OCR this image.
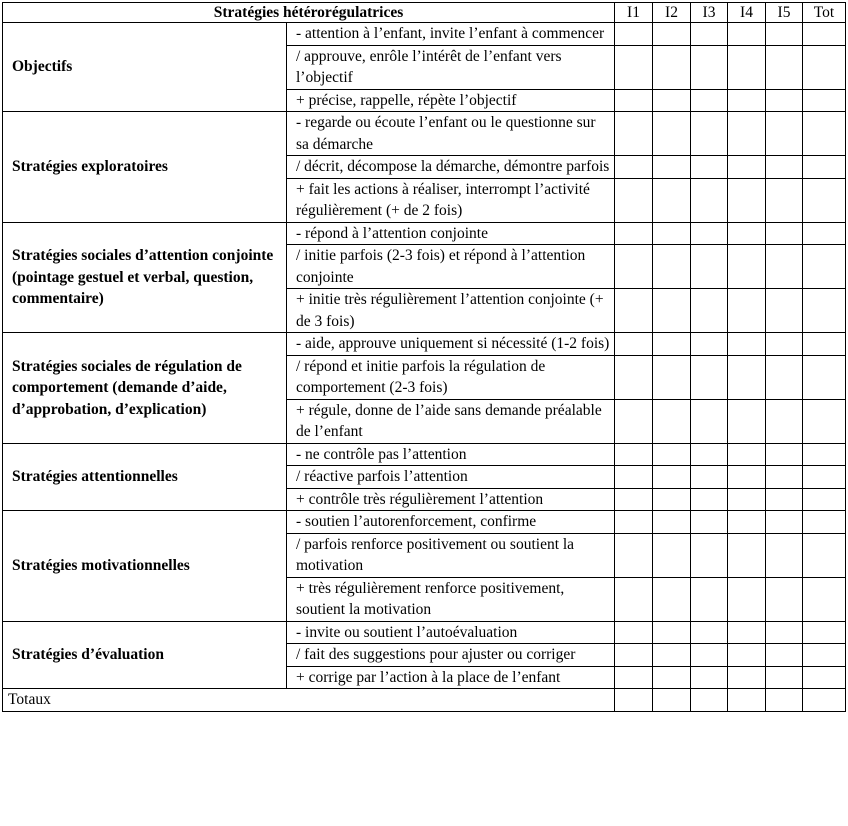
Stratégies hétérorégulatrices		I1	I2	I3	I4	I5	Tot
Objectifs	- attention à l’enfant, invite l’enfant à commencer						
	/ approuve, enrôle l’intérêt de l’enfant vers l’objectif						
	+ précise, rappelle, répète l’objectif						
Stratégies exploratoires	- regarde ou écoute l’enfant ou le questionne sur sa démarche						
	/ décrit, décompose la démarche, démontre parfois						
	+ fait les actions à réaliser, interrompt l’activité régulièrement (+ de 2 fois)						
Stratégies sociales d’attention conjointe (pointage gestuel et verbal, question, commentaire)	- répond à l’attention conjointe						
	/ initie parfois (2-3 fois) et répond à l’attention conjointe						
	+ initie très régulièrement l’attention conjointe (+ de 3 fois)						
Stratégies sociales de régulation de comportement (demande d’aide, d’approbation, d’explication)	- aide, approuve uniquement si nécessité (1-2 fois)						
	/ répond et initie parfois la régulation de comportement (2-3 fois)						
	+ régule, donne de l’aide sans demande préalable de l’enfant						
Stratégies attentionnelles	- ne contrôle pas l’attention						
	/ réactive parfois l’attention						
	+ contrôle très régulièrement l’attention						
Stratégies motivationnelles	- soutien l’autorenforcement, confirme						
	/ parfois renforce positivement ou soutient la motivation						
	+ très régulièrement renforce positivement, soutient la motivation						
Stratégies d’évaluation	- invite ou soutient l’autoévaluation						
	/ fait des suggestions pour ajuster ou corriger						
	+ corrige par l’action à la place de l’enfant						
Totaux							
